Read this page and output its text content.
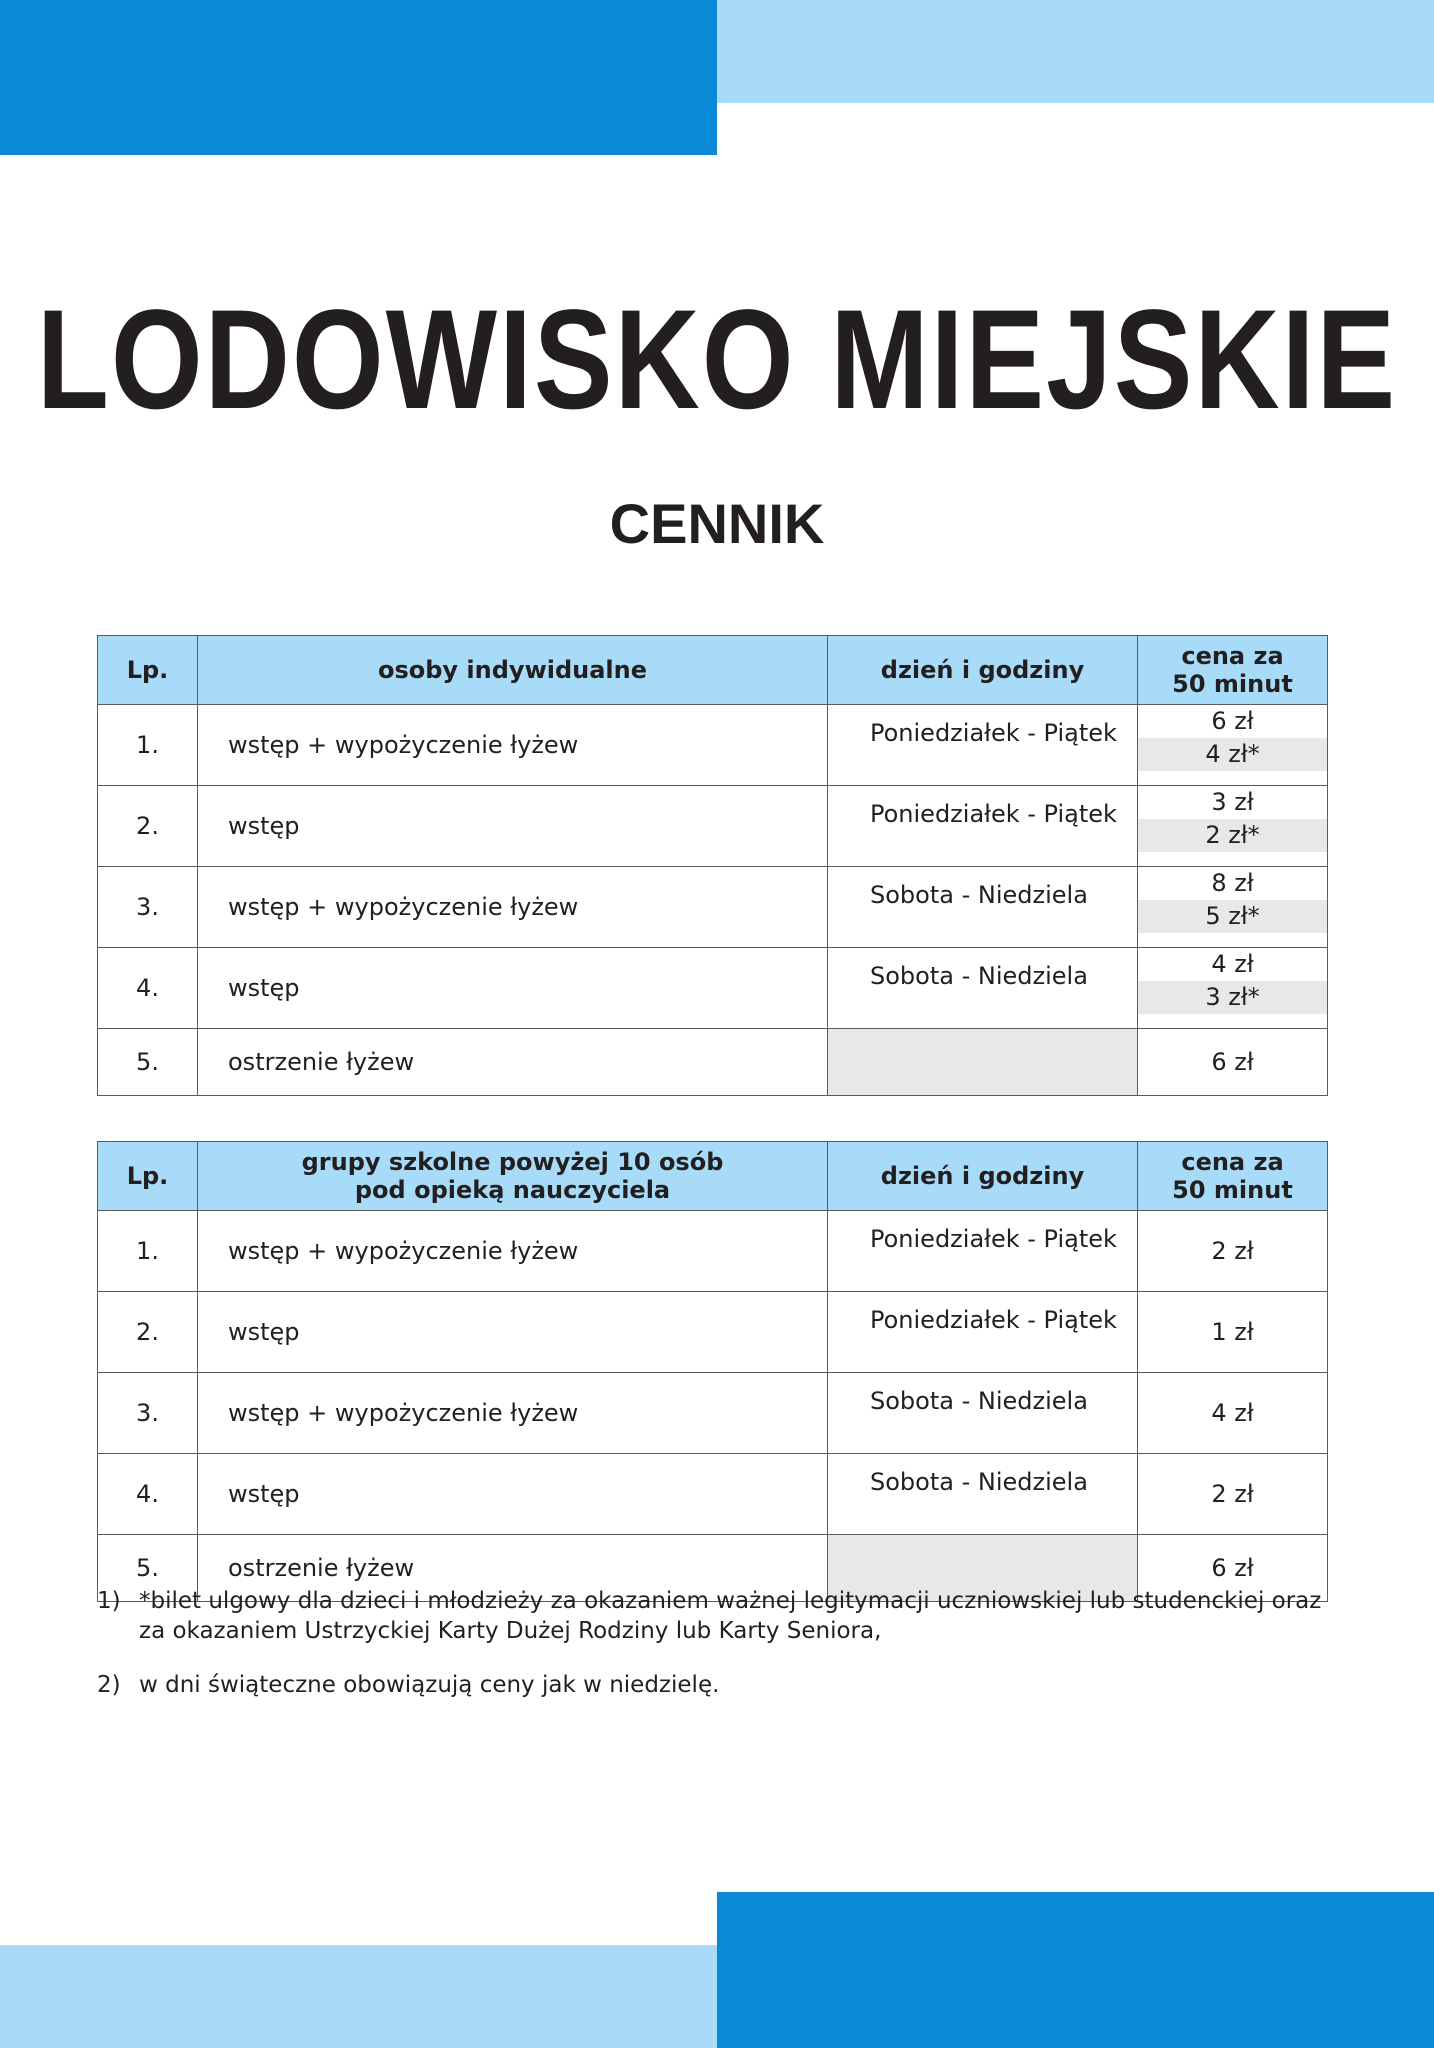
LODOWISKO MIEJSKIE
CENNIK
Lp.	osoby indywidualne	dzień i godziny	cena za
50 minut
1.	wstęp + wypożyczenie łyżew	Poniedziałek - Piątek	6 zł
4 zł*

2.	wstęp	Poniedziałek - Piątek	3 zł
2 zł*

3.	wstęp + wypożyczenie łyżew	Sobota - Niedziela	8 zł
5 zł*

4.	wstęp	Sobota - Niedziela	4 zł
3 zł*

5.	ostrzenie łyżew		6 zł
Lp.	grupy szkolne powyżej 10 osób
pod opieką nauczyciela	dzień i godziny	cena za
50 minut
1.	wstęp + wypożyczenie łyżew	Poniedziałek - Piątek	2 zł
2.	wstęp	Poniedziałek - Piątek	1 zł
3.	wstęp + wypożyczenie łyżew	Sobota - Niedziela	4 zł
4.	wstęp	Sobota - Niedziela	2 zł
5.	ostrzenie łyżew		6 zł
1) *bilet ulgowy dla dzieci i młodzieży za okazaniem ważnej legitymacji uczniowskiej lub studenckiej oraz za okazaniem Ustrzyckiej Karty Dużej Rodziny lub Karty Seniora,
2) w dni świąteczne obowiązują ceny jak w niedzielę.
